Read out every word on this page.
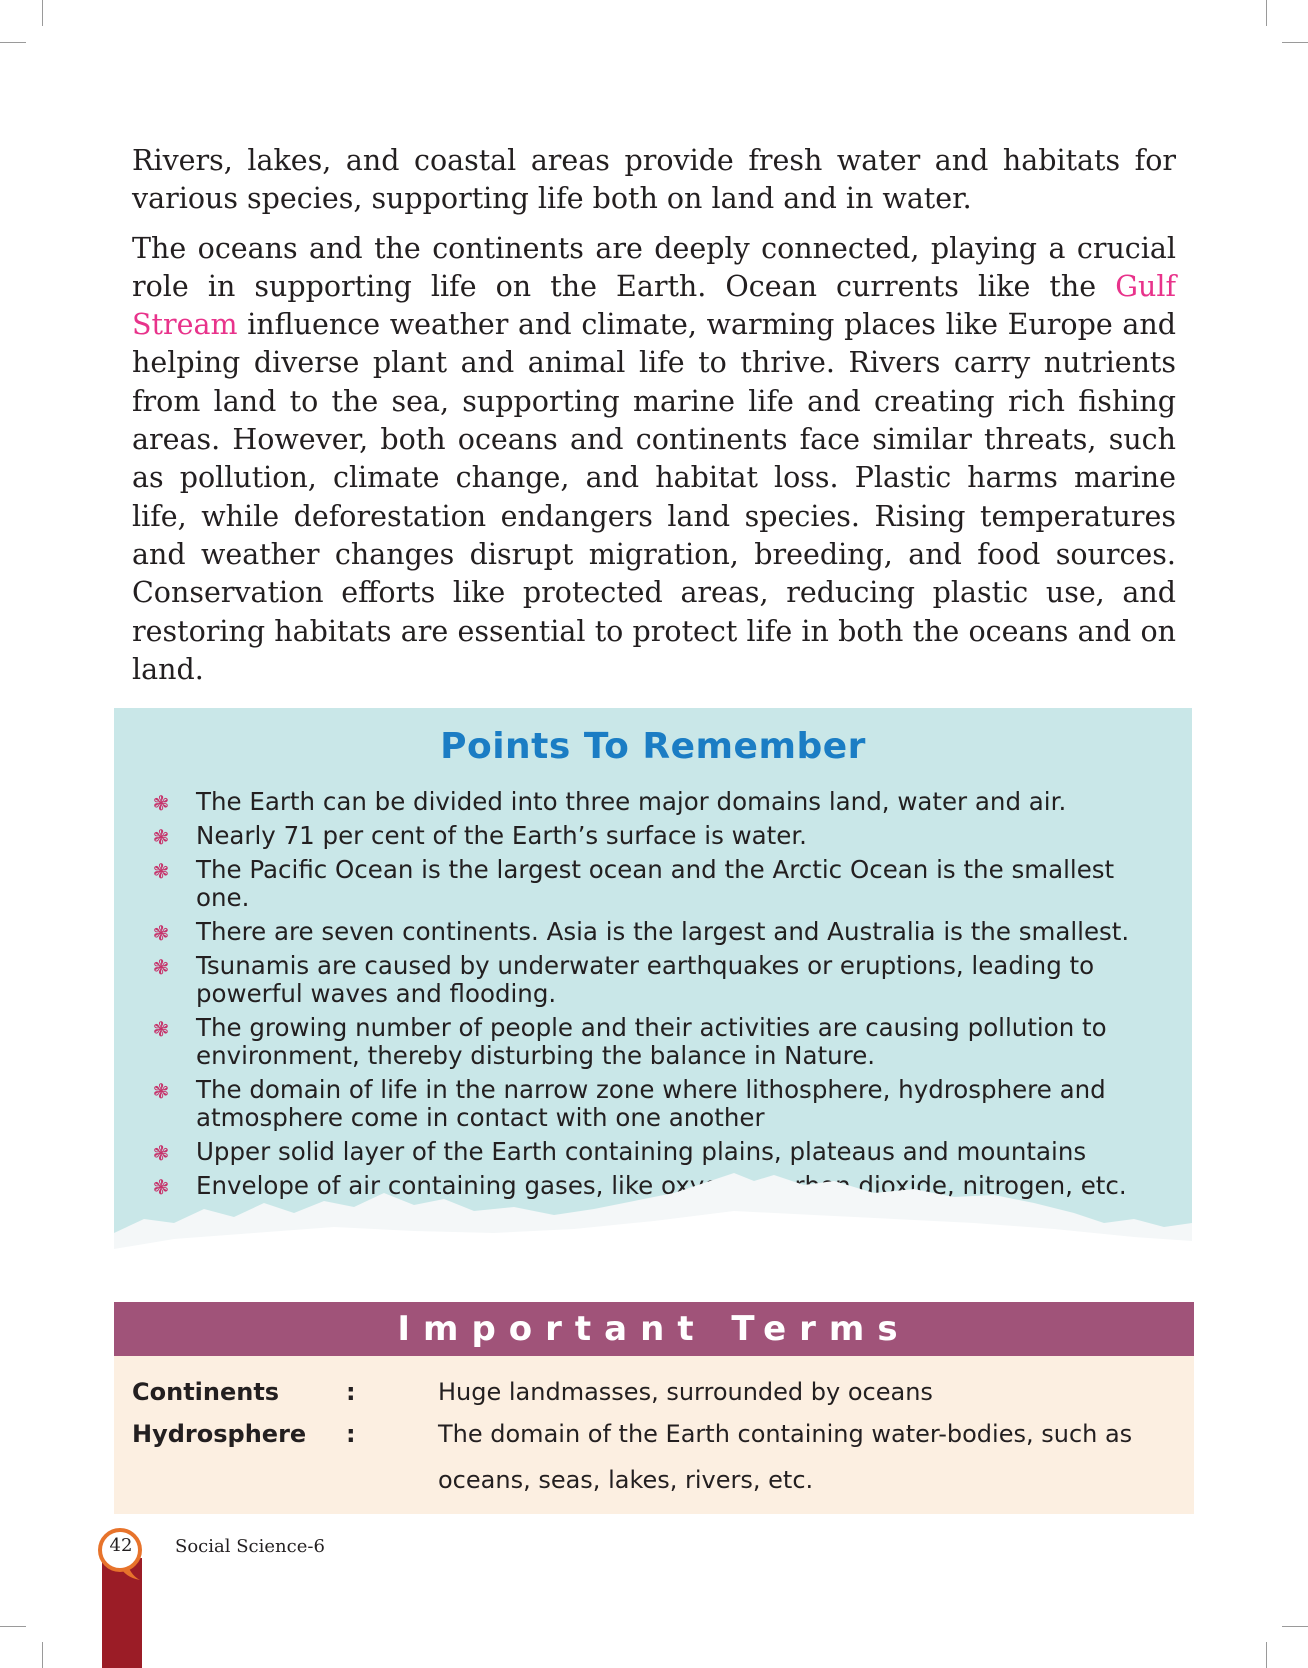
Rivers, lakes, and coastal areas provide fresh water and habitats for various species, supporting life both on land and in water.

The oceans and the continents are deeply connected, playing a crucial role in supporting life on the Earth. Ocean currents like the Gulf Stream influence weather and climate, warming places like Europe and helping diverse plant and animal life to thrive. Rivers carry nutrients from land to the sea, supporting marine life and creating rich fishing areas. However, both oceans and continents face similar threats, such as pollution, climate change, and habitat loss. Plastic harms marine life, while deforestation endangers land species. Rising temperatures and weather changes disrupt migration, breeding, and food sources. Conservation efforts like protected areas, reducing plastic use, and restoring habitats are essential to protect life in both the oceans and on land.

Points To Remember
❃ The Earth can be divided into three major domains land, water and air.
❃ Nearly 71 per cent of the Earth’s surface is water.
❃ The Pacific Ocean is the largest ocean and the Arctic Ocean is the smallest one.
❃ There are seven continents. Asia is the largest and Australia is the smallest.
❃ Tsunamis are caused by underwater earthquakes or eruptions, leading to powerful waves and flooding.
❃ The growing number of people and their activities are causing pollution to environment, thereby disturbing the balance in Nature.
❃ The domain of life in the narrow zone where lithosphere, hydrosphere and atmosphere come in contact with one another
❃ Upper solid layer of the Earth containing plains, plateaus and mountains
❃ Envelope of air containing gases, like oxygen, carbon dioxide, nitrogen, etc.
Important Terms
Continents	:	Huge landmasses, surrounded by oceans
Hydrosphere :	The domain of the Earth containing water-bodies, such as oceans, seas, lakes, rivers, etc.
42	Social Science-6
